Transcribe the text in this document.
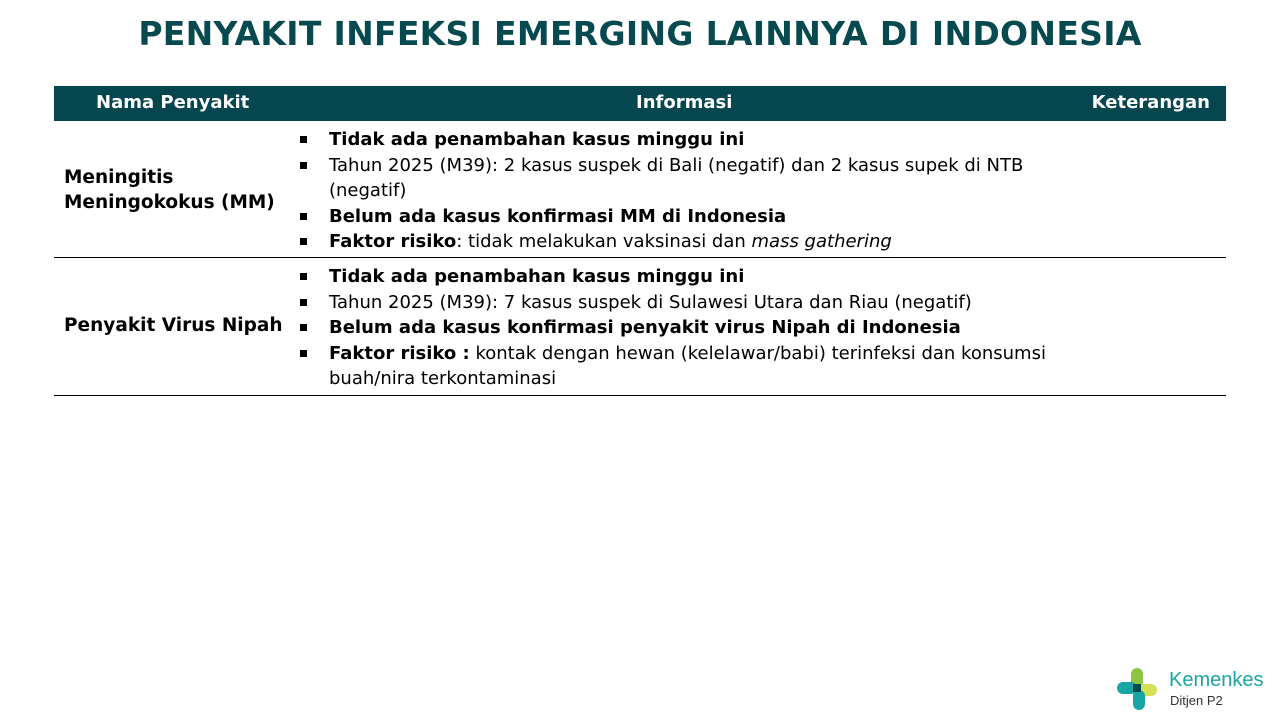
PENYAKIT INFEKSI EMERGING LAINNYA DI INDONESIA
Nama Penyakit	Informasi	Keterangan
Meningitis
Meningokokus (MM)
Tidak ada penambahan kasus minggu ini
Tahun 2025 (M39): 2 kasus suspek di Bali (negatif) dan 2 kasus supek di NTB (negatif)
Belum ada kasus konfirmasi MM di Indonesia
Faktor risiko: tidak melakukan vaksinasi dan mass gathering
Penyakit Virus Nipah
Tidak ada penambahan kasus minggu ini
Tahun 2025 (M39): 7 kasus suspek di Sulawesi Utara dan Riau (negatif)
Belum ada kasus konfirmasi penyakit virus Nipah di Indonesia
Faktor risiko : kontak dengan hewan (kelelawar/babi) terinfeksi dan konsumsi buah/nira terkontaminasi
Kemenkes
Ditjen P2
